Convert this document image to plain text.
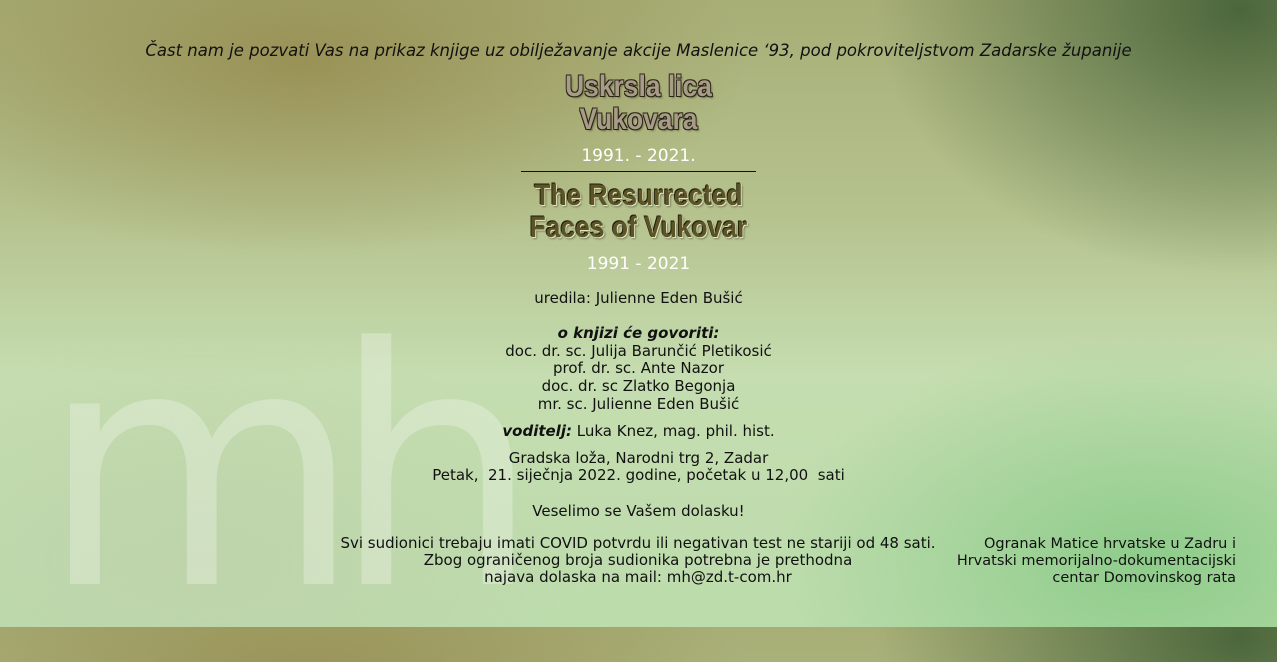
mh
Čast nam je pozvati Vas na prikaz knjige uz obilježavanje akcije Maslenice ‘93, pod pokroviteljstvom Zadarske županije
Uskrsla lica
Vukovara
1991. - 2021.
The Resurrected
Faces of Vukovar
1991 - 2021
uredila: Julienne Eden Bušić
o knjizi će govoriti:
doc. dr. sc. Julija Barunčić Pletikosić
prof. dr. sc. Ante Nazor
doc. dr. sc Zlatko Begonja
mr. sc. Julienne Eden Bušić
voditelj: Luka Knez, mag. phil. hist.
Gradska loža, Narodni trg 2, Zadar
Petak,  21. siječnja 2022. godine, početak u 12,00  sati
Veselimo se Vašem dolasku!
Svi sudionici trebaju imati COVID potvrdu ili negativan test ne stariji od 48 sati.
Zbog ograničenog broja sudionika potrebna je prethodna
najava dolaska na mail: mh@zd.t-com.hr
Ogranak Matice hrvatske u Zadru i
Hrvatski memorijalno-dokumentacijski
centar Domovinskog rata
